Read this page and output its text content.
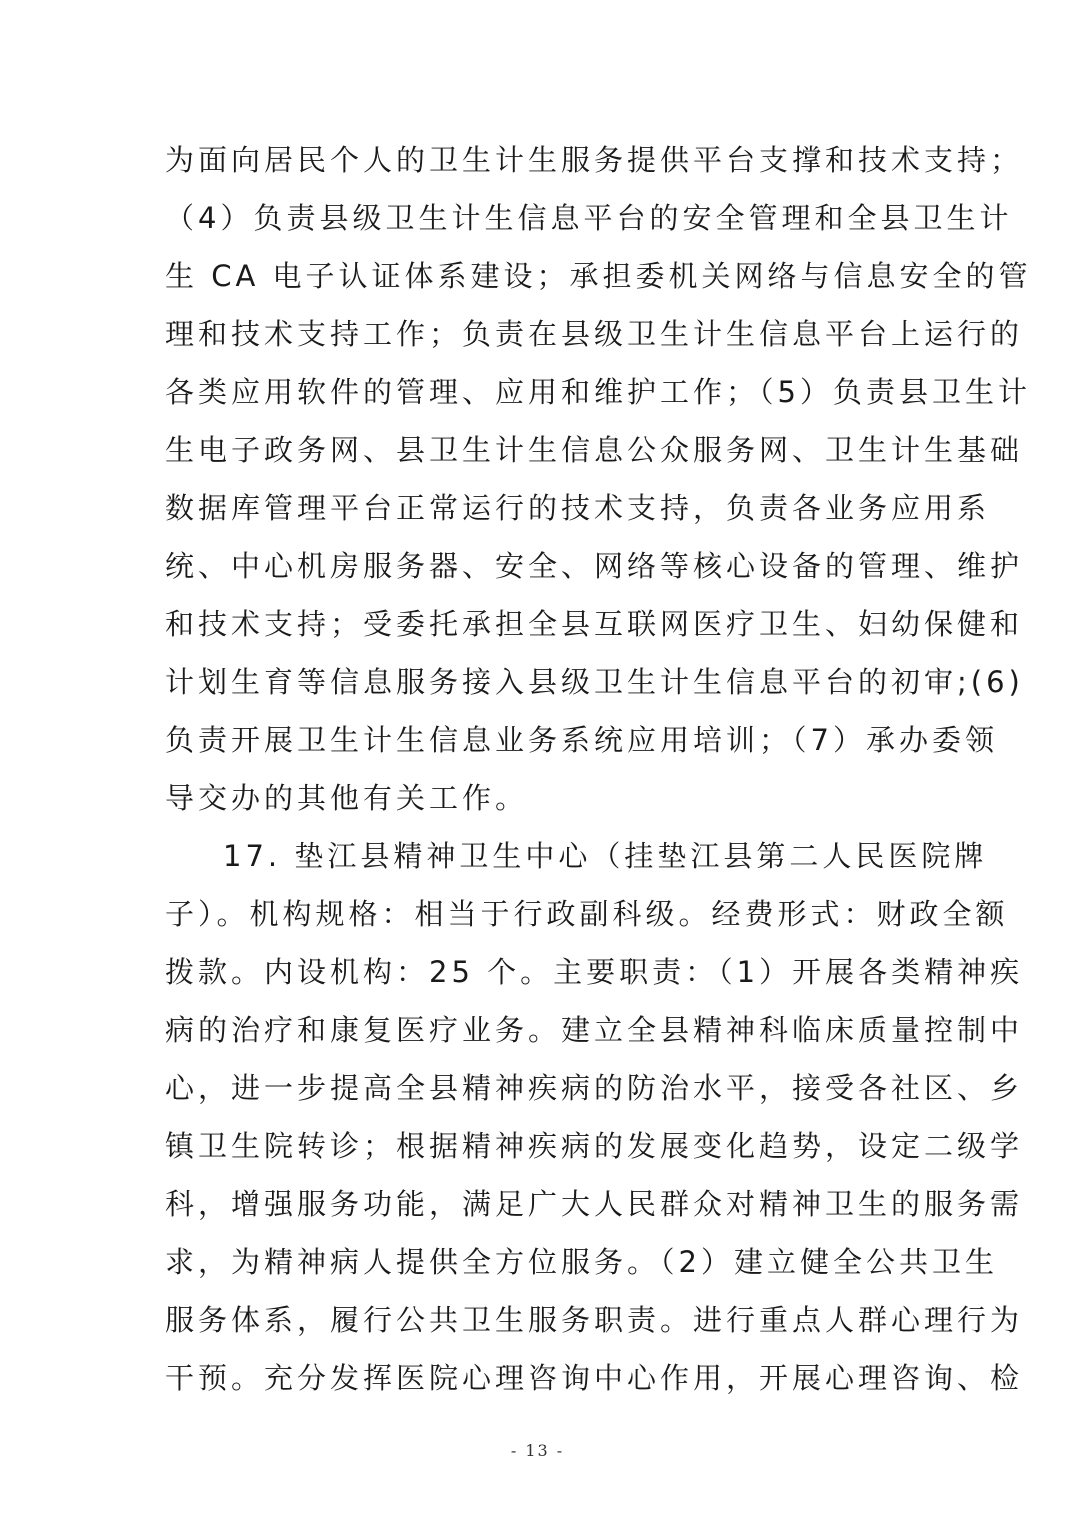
为面向居民个人的卫生计生服务提供平台支撑和技术支持；
（4）负责县级卫生计生信息平台的安全管理和全县卫生计
生 CA 电子认证体系建设；承担委机关网络与信息安全的管
理和技术支持工作；负责在县级卫生计生信息平台上运行的
各类应用软件的管理、应用和维护工作；（5）负责县卫生计
生电子政务网、县卫生计生信息公众服务网、卫生计生基础
数据库管理平台正常运行的技术支持，负责各业务应用系
统、中心机房服务器、安全、网络等核心设备的管理、维护
和技术支持；受委托承担全县互联网医疗卫生、妇幼保健和
计划生育等信息服务接入县级卫生计生信息平台的初审;(6)
负责开展卫生计生信息业务系统应用培训；（7）承办委领
导交办的其他有关工作。
17. 垫江县精神卫生中心（挂垫江县第二人民医院牌
子）。机构规格：相当于行政副科级。经费形式：财政全额
拨款。内设机构：25 个。主要职责：（1）开展各类精神疾
病的治疗和康复医疗业务。建立全县精神科临床质量控制中
心，进一步提高全县精神疾病的防治水平，接受各社区、乡
镇卫生院转诊；根据精神疾病的发展变化趋势，设定二级学
科，增强服务功能，满足广大人民群众对精神卫生的服务需
求，为精神病人提供全方位服务。（2）建立健全公共卫生
服务体系，履行公共卫生服务职责。进行重点人群心理行为
干预。充分发挥医院心理咨询中心作用，开展心理咨询、检
- 13 -
